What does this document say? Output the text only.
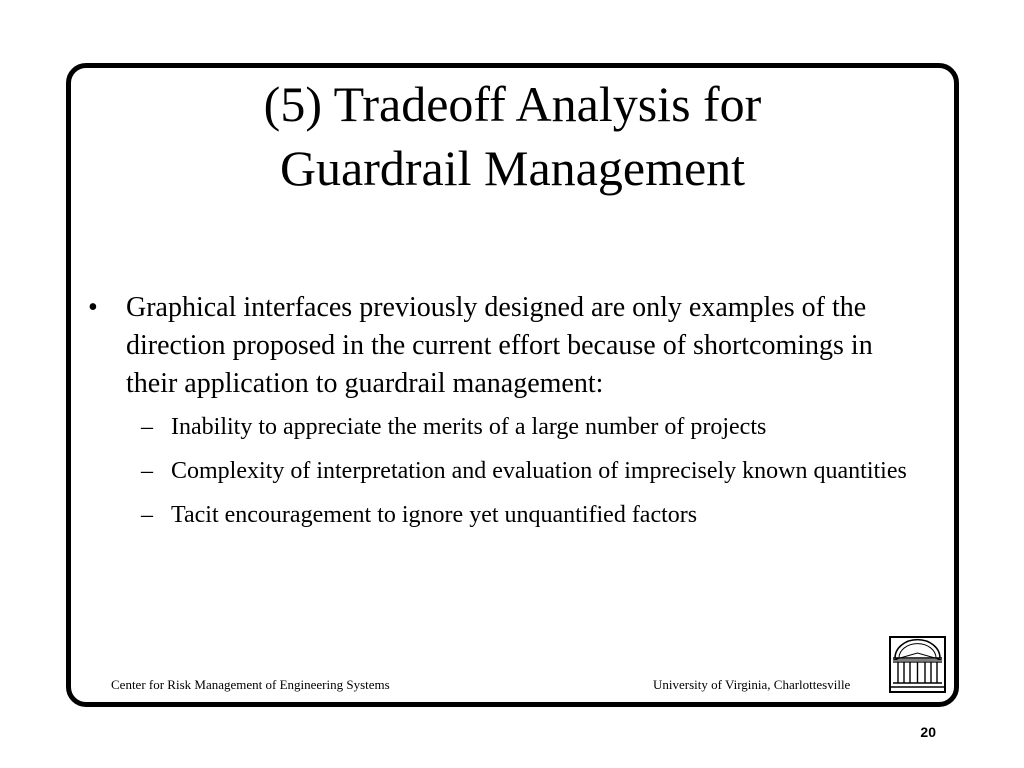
(5) Tradeoff Analysis for
Guardrail Management
• Graphical interfaces previously designed are only examples of the direction proposed in the current effort because of shortcomings in their application to guardrail management:
– Inability to appreciate the merits of a large number of projects
– Complexity of interpretation and evaluation of imprecisely known quantities
– Tacit encouragement to ignore yet unquantified factors
Center for Risk Management of Engineering Systems	University of Virginia, Charlottesville
20
